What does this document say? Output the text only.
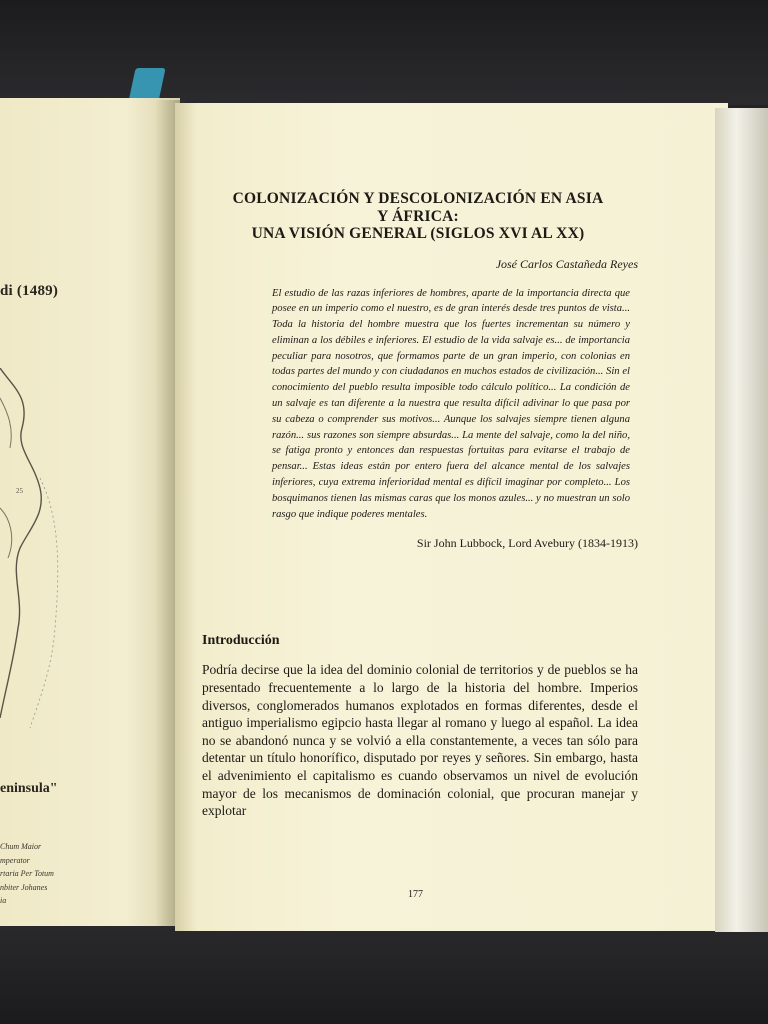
di (1489)
25
eninsula"
Chum Maior
mperator
rtaria Per Totum
nbiter Johanes
ia
COLONIZACIÓN Y DESCOLONIZACIÓN EN ASIA
Y ÁFRICA:
UNA VISIÓN GENERAL (SIGLOS XVI AL XX)
José Carlos Castañeda Reyes
El estudio de las razas inferiores de hombres, aparte de la importancia directa que posee en un imperio como el nuestro, es de gran interés desde tres puntos de vista... Toda la historia del hombre muestra que los fuertes incrementan su número y eliminan a los débiles e inferiores. El estudio de la vida salvaje es... de importancia peculiar para nosotros, que formamos parte de un gran imperio, con colonias en todas partes del mundo y con ciudadanos en muchos estados de civilización... Sin el conocimiento del pueblo resulta imposible todo cálculo político... La condición de un salvaje es tan diferente a la nuestra que resulta difícil adivinar lo que pasa por su cabeza o comprender sus motivos... Aunque los salvajes siempre tienen alguna razón... sus razones son siempre absurdas... La mente del salvaje, como la del niño, se fatiga pronto y entonces dan respuestas fortuitas para evitarse el trabajo de pensar... Estas ideas están por entero fuera del alcance mental de los salvajes inferiores, cuya extrema inferioridad mental es difícil imaginar por completo... Los bosquimanos tienen las mismas caras que los monos azules... y no muestran un solo rasgo que indique poderes mentales.
Sir John Lubbock, Lord Avebury (1834-1913)
Introducción
Podría decirse que la idea del dominio colonial de territorios y de pueblos se ha presentado frecuentemente a lo largo de la historia del hombre. Imperios diversos, conglomerados humanos explotados en formas diferentes, desde el antiguo imperialismo egipcio hasta llegar al romano y luego al español. La idea no se abandonó nunca y se volvió a ella constantemente, a veces tan sólo para detentar un título honorífico, disputado por reyes y señores. Sin embargo, hasta el advenimiento el capitalismo es cuando observamos un nivel de evolución mayor de los mecanismos de dominación colonial, que procuran manejar y explotar
177
